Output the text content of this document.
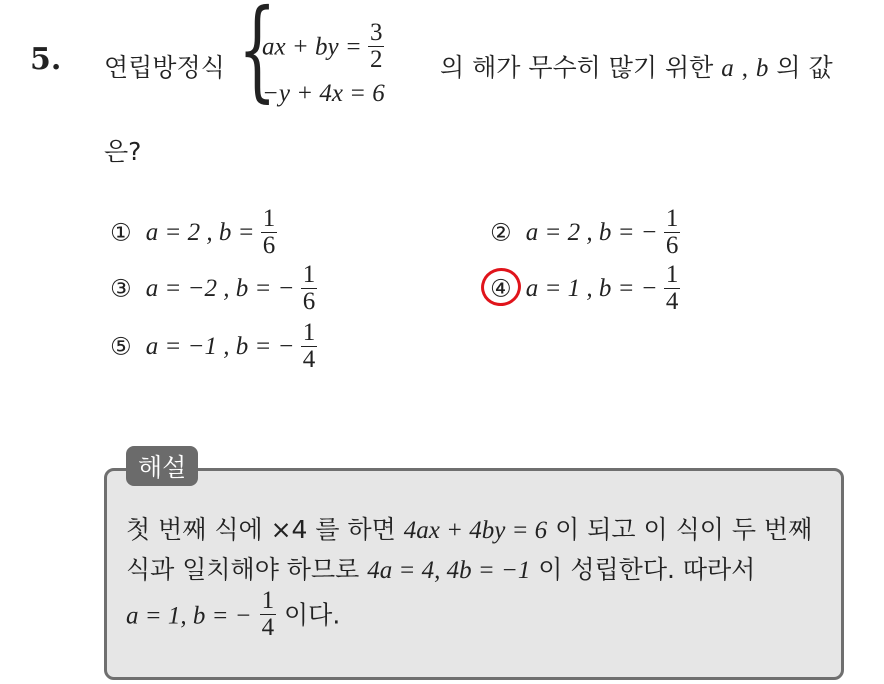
5. 연립방정식 {
ax + by = $\frac{3}{2}$
−y + 4x = 6
의 해가 무수히 많기 위한 a , b 의 값
은?
① a = 2 , $b = \frac{1}{6}$	② a = 2 , b = − $\frac{1}{6}$
③ a = −2 , b = − $\frac{1}{6}$	④ a = 1 , b = − $\frac{1}{4}$
⑤ a = −1 , b = − $\frac{1}{4}$
해설
첫 번째 식에 ×4 를 하면 4ax + 4by = 6 이 되고 이 식이 두 번째
식과 일치해야 하므로 4a = 4, 4b = −1 이 성립한다. 따라서
a = 1, b = − $\frac{1}{4}$ 이다.
